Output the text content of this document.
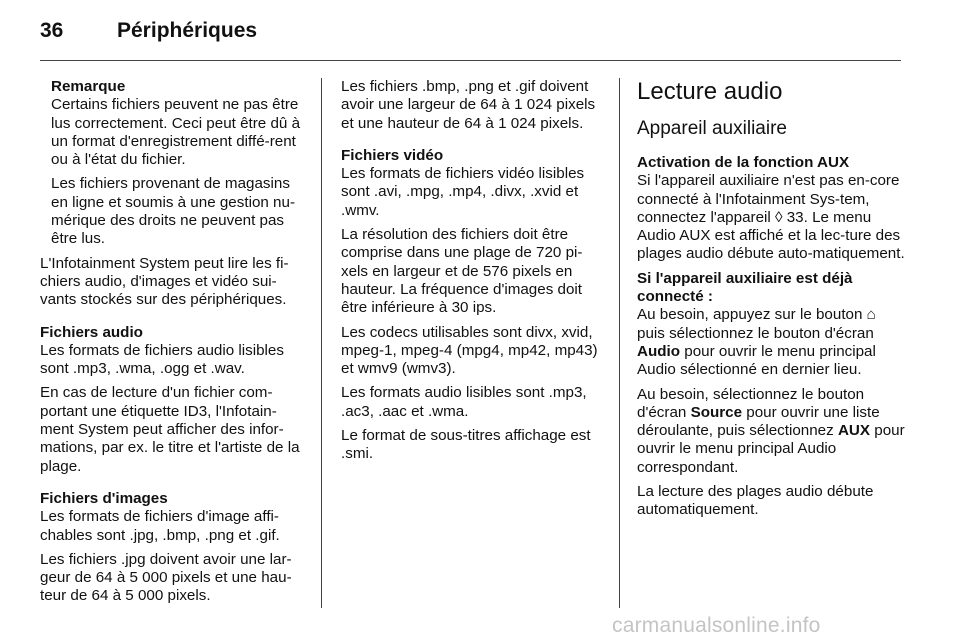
36	Périphériques
Remarque

Certains fichiers peuvent ne pas être lus correctement. Ceci peut être dû à un format d'enregistrement diffé-rent ou à l'état du fichier.

Les fichiers provenant de magasins en ligne et soumis à une gestion nu-mérique des droits ne peuvent pas être lus.

L'Infotainment System peut lire les fi-chiers audio, d'images et vidéo sui-vants stockés sur des périphériques.

Fichiers audio

Les formats de fichiers audio lisibles sont .mp3, .wma, .ogg et .wav.

En cas de lecture d'un fichier com-portant une étiquette ID3, l'Infotain-ment System peut afficher des infor-mations, par ex. le titre et l'artiste de la plage.

Fichiers d'images

Les formats de fichiers d'image affi-chables sont .jpg, .bmp, .png et .gif.

Les fichiers .jpg doivent avoir une lar-geur de 64 à 5 000 pixels et une hau-teur de 64 à 5 000 pixels.

Les fichiers .bmp, .png et .gif doivent avoir une largeur de 64 à 1 024 pixels et une hauteur de 64 à 1 024 pixels.

Fichiers vidéo

Les formats de fichiers vidéo lisibles sont .avi, .mpg, .mp4, .divx, .xvid et .wmv.

La résolution des fichiers doit être comprise dans une plage de 720 pi-xels en largeur et de 576 pixels en hauteur. La fréquence d'images doit être inférieure à 30 ips.

Les codecs utilisables sont divx, xvid, mpeg-1, mpeg-4 (mpg4, mp42, mp43) et wmv9 (wmv3).

Les formats audio lisibles sont .mp3, .ac3, .aac et .wma.

Le format de sous-titres affichage est .smi.

Lecture audio
Appareil auxiliaire
Activation de la fonction AUX

Si l'appareil auxiliaire n'est pas en-core connecté à l'Infotainment Sys-tem, connectez l'appareil ◊ 33. Le menu Audio AUX est affiché et la lec-ture des plages audio débute auto-matiquement.

Si l'appareil auxiliaire est déjà connecté :

Au besoin, appuyez sur le bouton ⌂ puis sélectionnez le bouton d'écran Audio pour ouvrir le menu principal Audio sélectionné en dernier lieu.

Au besoin, sélectionnez le bouton d'écran Source pour ouvrir une liste déroulante, puis sélectionnez AUX pour ouvrir le menu principal Audio correspondant.

La lecture des plages audio débute automatiquement.

carmanualsonline.info
